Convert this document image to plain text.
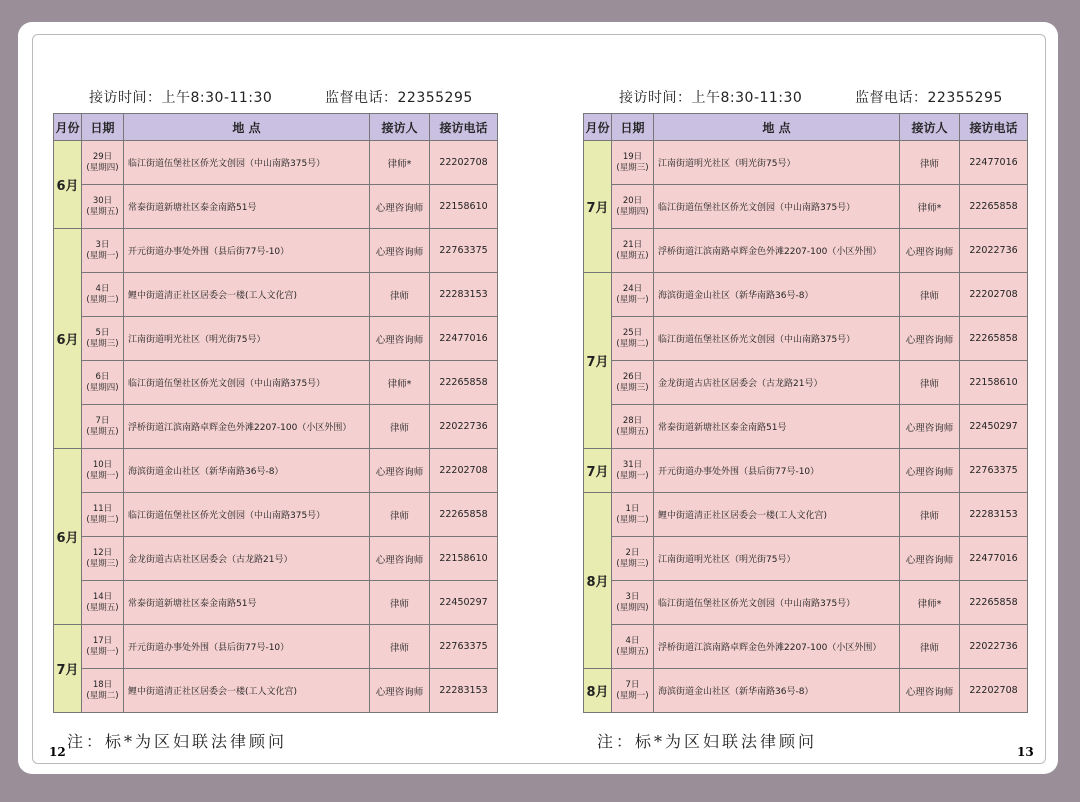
接访时间：上午8:30-11:30	监督电话：22355295
月份	日期	地 点	接访人	接访电话
6月	29日
(星期四)	临江街道伍堡社区侨光文创园（中山南路375号）	律师*	22202708

	30日
(星期五)	常泰街道新塘社区泰金南路51号	心理咨询师	22158610
6月	3日
(星期一)	开元街道办事处外围（县后街77号-10）	心理咨询师	22763375

	4日
(星期二)	鲤中街道清正社区居委会一楼(工人文化宫)	律师	22283153

	5日
(星期三)	江南街道明光社区（明光街75号）	心理咨询师	22477016

	6日
(星期四)	临江街道伍堡社区侨光文创园（中山南路375号）	律师*	22265858

	7日
(星期五)	浮桥街道江滨南路卓辉金色外滩2207-100（小区外围）	律师	22022736
6月	10日
(星期一)	海滨街道金山社区（新华南路36号-8）	心理咨询师	22202708

	11日
(星期二)	临江街道伍堡社区侨光文创园（中山南路375号）	律师	22265858

	12日
(星期三)	金龙街道古店社区居委会（古龙路21号）	心理咨询师	22158610

	14日
(星期五)	常泰街道新塘社区泰金南路51号	律师	22450297
7月	17日
(星期一)	开元街道办事处外围（县后街77号-10）	律师	22763375

	18日
(星期二)	鲤中街道清正社区居委会一楼(工人文化宫)	心理咨询师	22283153
注：标*为区妇联法律顾问
12
接访时间：上午8:30-11:30	监督电话：22355295
月份	日期	地 点	接访人	接访电话
7月	19日
(星期三)	江南街道明光社区（明光街75号）	律师	22477016

	20日
(星期四)	临江街道伍堡社区侨光文创园（中山南路375号）	律师*	22265858

	21日
(星期五)	浮桥街道江滨南路卓辉金色外滩2207-100（小区外围）	心理咨询师	22022736
7月	24日
(星期一)	海滨街道金山社区（新华南路36号-8）	律师	22202708

	25日
(星期二)	临江街道伍堡社区侨光文创园（中山南路375号）	心理咨询师	22265858

	26日
(星期三)	金龙街道古店社区居委会（古龙路21号）	律师	22158610

	28日
(星期五)	常泰街道新塘社区泰金南路51号	心理咨询师	22450297
7月	31日
(星期一)	开元街道办事处外围（县后街77号-10）	心理咨询师	22763375
8月	1日
(星期二)	鲤中街道清正社区居委会一楼(工人文化宫)	律师	22283153

	2日
(星期三)	江南街道明光社区（明光街75号）	心理咨询师	22477016

	3日
(星期四)	临江街道伍堡社区侨光文创园（中山南路375号）	律师*	22265858

	4日
(星期五)	浮桥街道江滨南路卓辉金色外滩2207-100（小区外围）	律师	22022736
8月	7日
(星期一)	海滨街道金山社区（新华南路36号-8）	心理咨询师	22202708
注：标*为区妇联法律顾问
13
